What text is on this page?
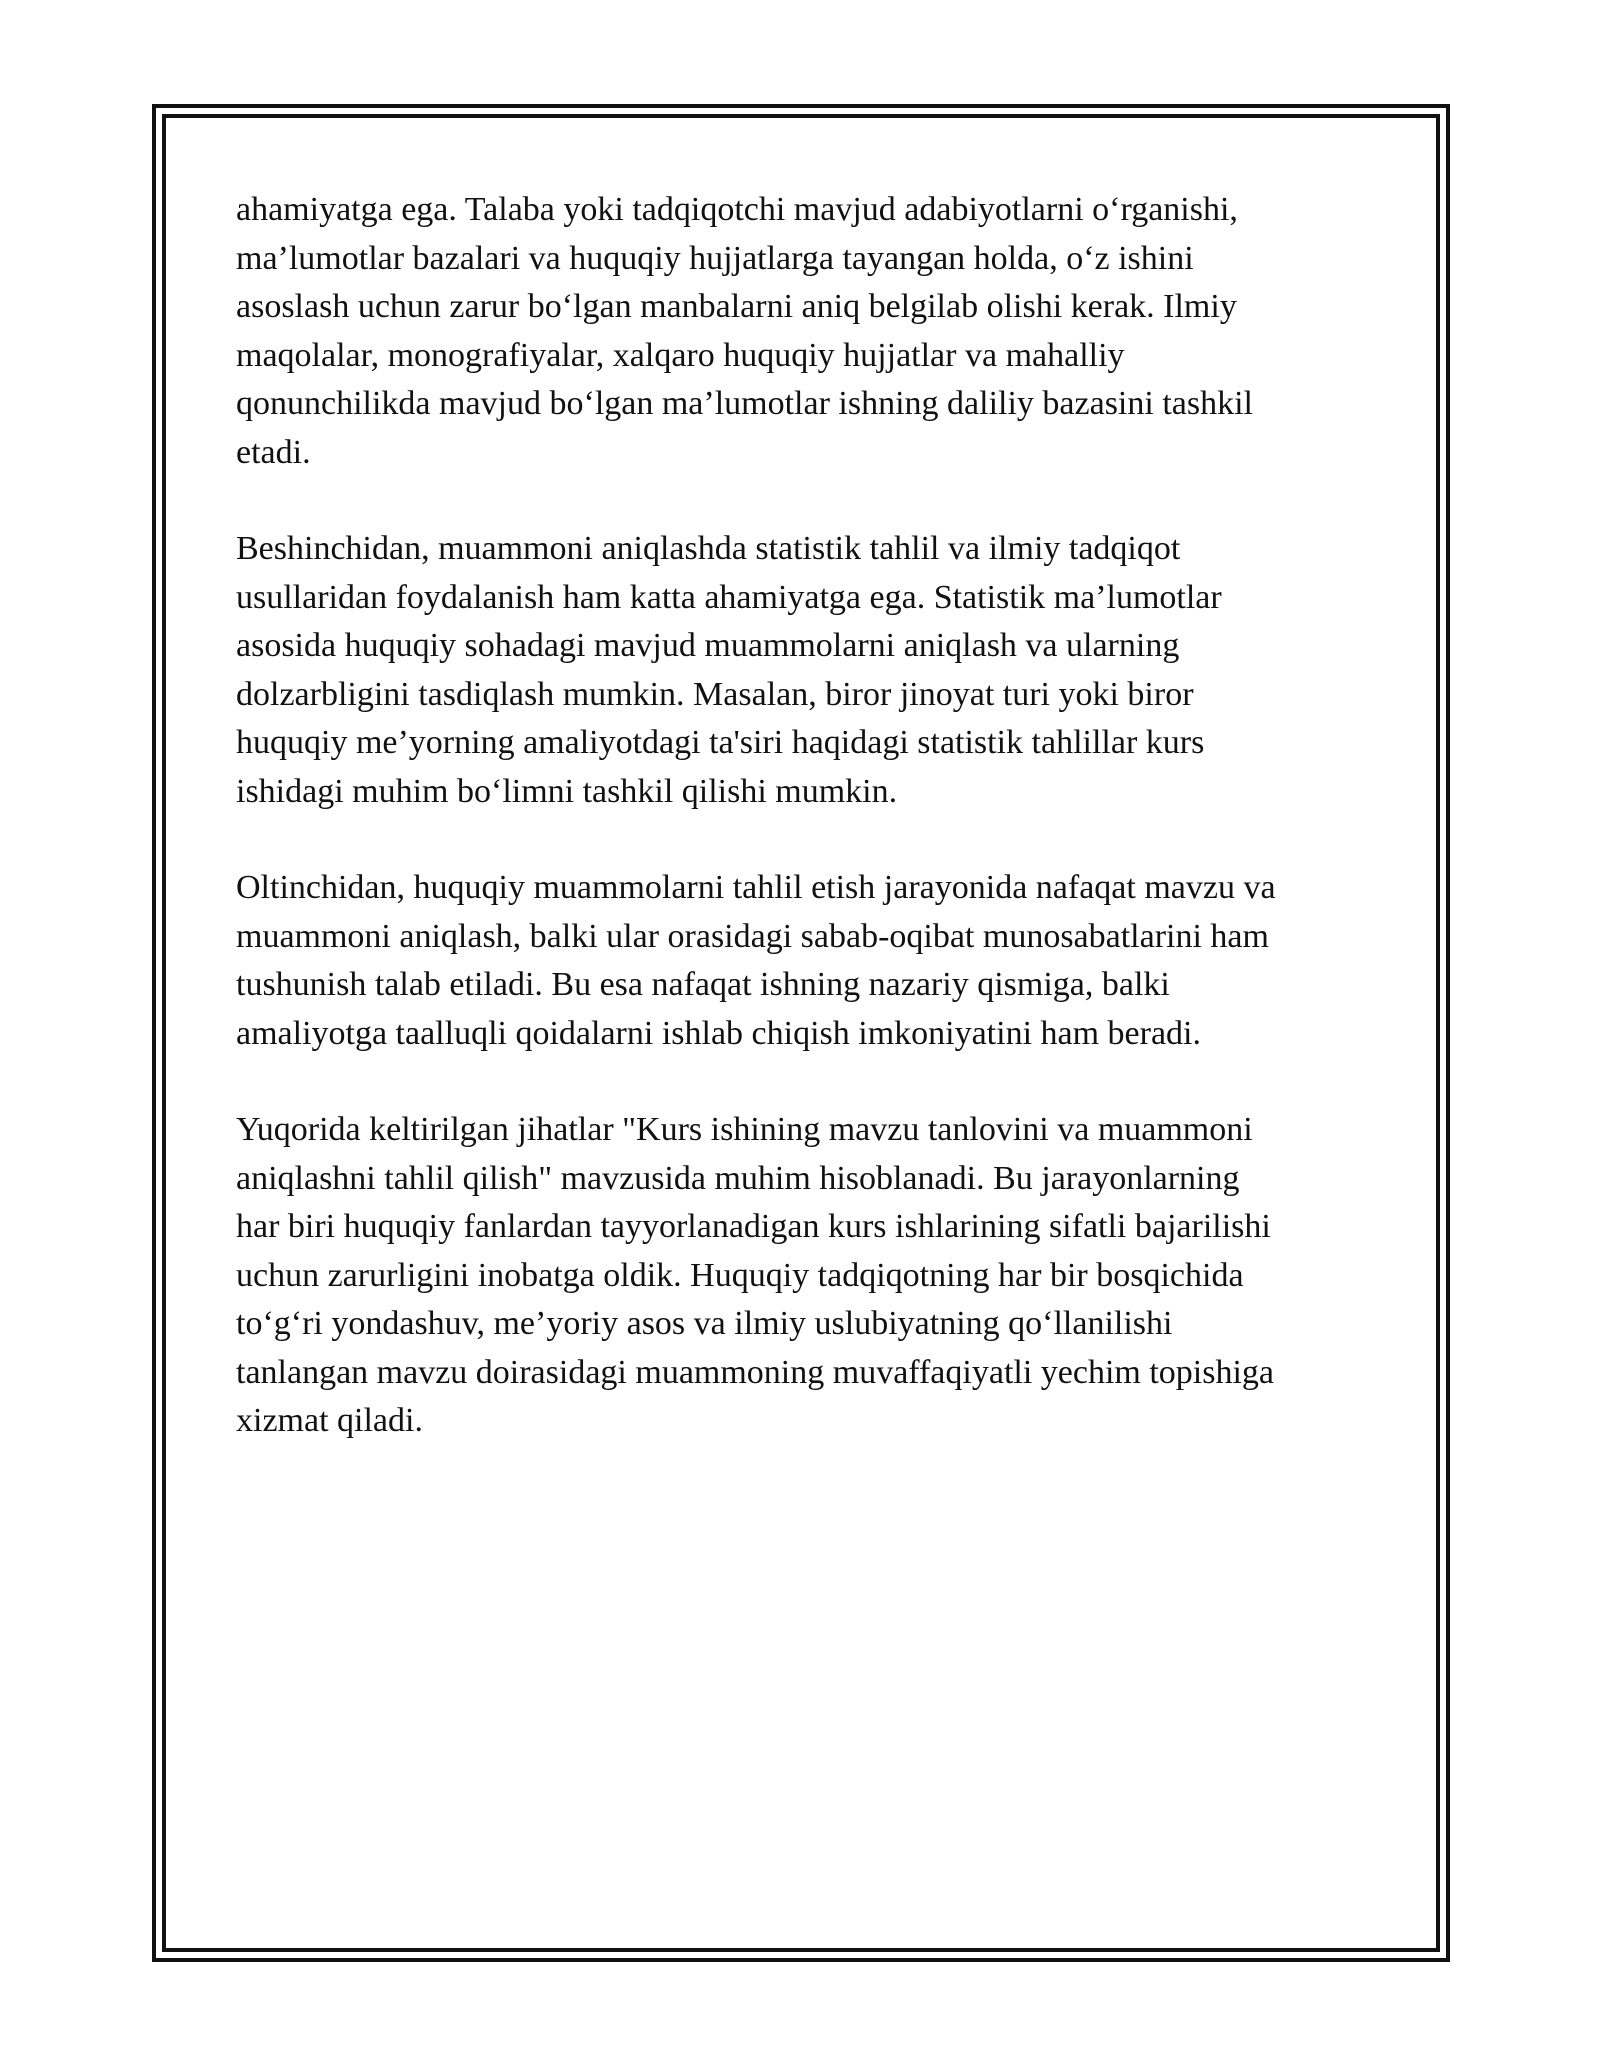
ahamiyatga ega. Talaba yoki tadqiqotchi mavjud adabiyotlarni o‘rganishi,
ma’lumotlar bazalari va huquqiy hujjatlarga tayangan holda, o‘z ishini
asoslash uchun zarur bo‘lgan manbalarni aniq belgilab olishi kerak. Ilmiy
maqolalar, monografiyalar, xalqaro huquqiy hujjatlar va mahalliy
qonunchilikda mavjud bo‘lgan ma’lumotlar ishning daliliy bazasini tashkil
etadi.

Beshinchidan, muammoni aniqlashda statistik tahlil va ilmiy tadqiqot
usullaridan foydalanish ham katta ahamiyatga ega. Statistik ma’lumotlar
asosida huquqiy sohadagi mavjud muammolarni aniqlash va ularning
dolzarbligini tasdiqlash mumkin. Masalan, biror jinoyat turi yoki biror
huquqiy me’yorning amaliyotdagi ta'siri haqidagi statistik tahlillar kurs
ishidagi muhim bo‘limni tashkil qilishi mumkin.

Oltinchidan, huquqiy muammolarni tahlil etish jarayonida nafaqat mavzu va
muammoni aniqlash, balki ular orasidagi sabab-oqibat munosabatlarini ham
tushunish talab etiladi. Bu esa nafaqat ishning nazariy qismiga, balki
amaliyotga taalluqli qoidalarni ishlab chiqish imkoniyatini ham beradi.

Yuqorida keltirilgan jihatlar "Kurs ishining mavzu tanlovini va muammoni
aniqlashni tahlil qilish" mavzusida muhim hisoblanadi. Bu jarayonlarning
har biri huquqiy fanlardan tayyorlanadigan kurs ishlarining sifatli bajarilishi
uchun zarurligini inobatga oldik. Huquqiy tadqiqotning har bir bosqichida
to‘g‘ri yondashuv, me’yoriy asos va ilmiy uslubiyatning qo‘llanilishi
tanlangan mavzu doirasidagi muammoning muvaffaqiyatli yechim topishiga
xizmat qiladi.
